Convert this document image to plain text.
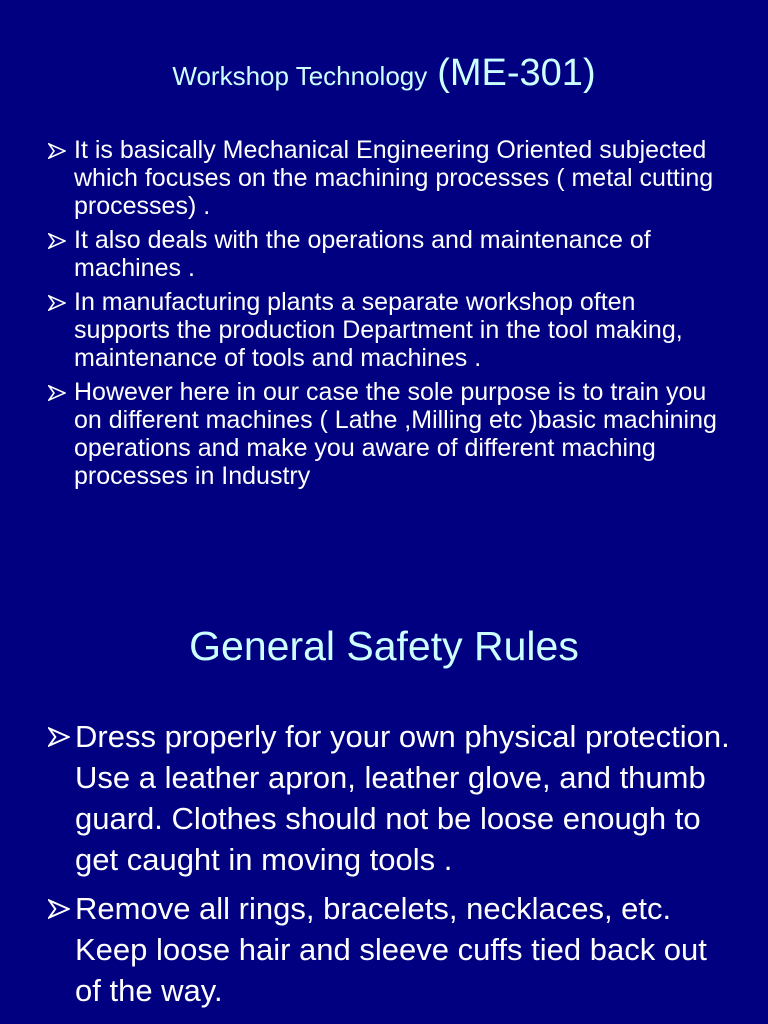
Workshop Technology (ME-301)
It is basically Mechanical Engineering Oriented subjected which focuses on the machining processes ( metal cutting processes) .
It also deals with the operations and maintenance of machines .
In manufacturing plants a separate workshop often supports the production Department in the tool making, maintenance of tools and machines .
However here in our case the sole purpose is to train you on different machines ( Lathe ,Milling etc )basic machining operations and make you aware of different maching processes in Industry
General Safety Rules
Dress properly for your own physical protection. Use a leather apron, leather glove, and thumb guard. Clothes should not be loose enough to get caught in moving tools .
Remove all rings, bracelets, necklaces, etc. Keep loose hair and sleeve cuffs tied back out of the way.
